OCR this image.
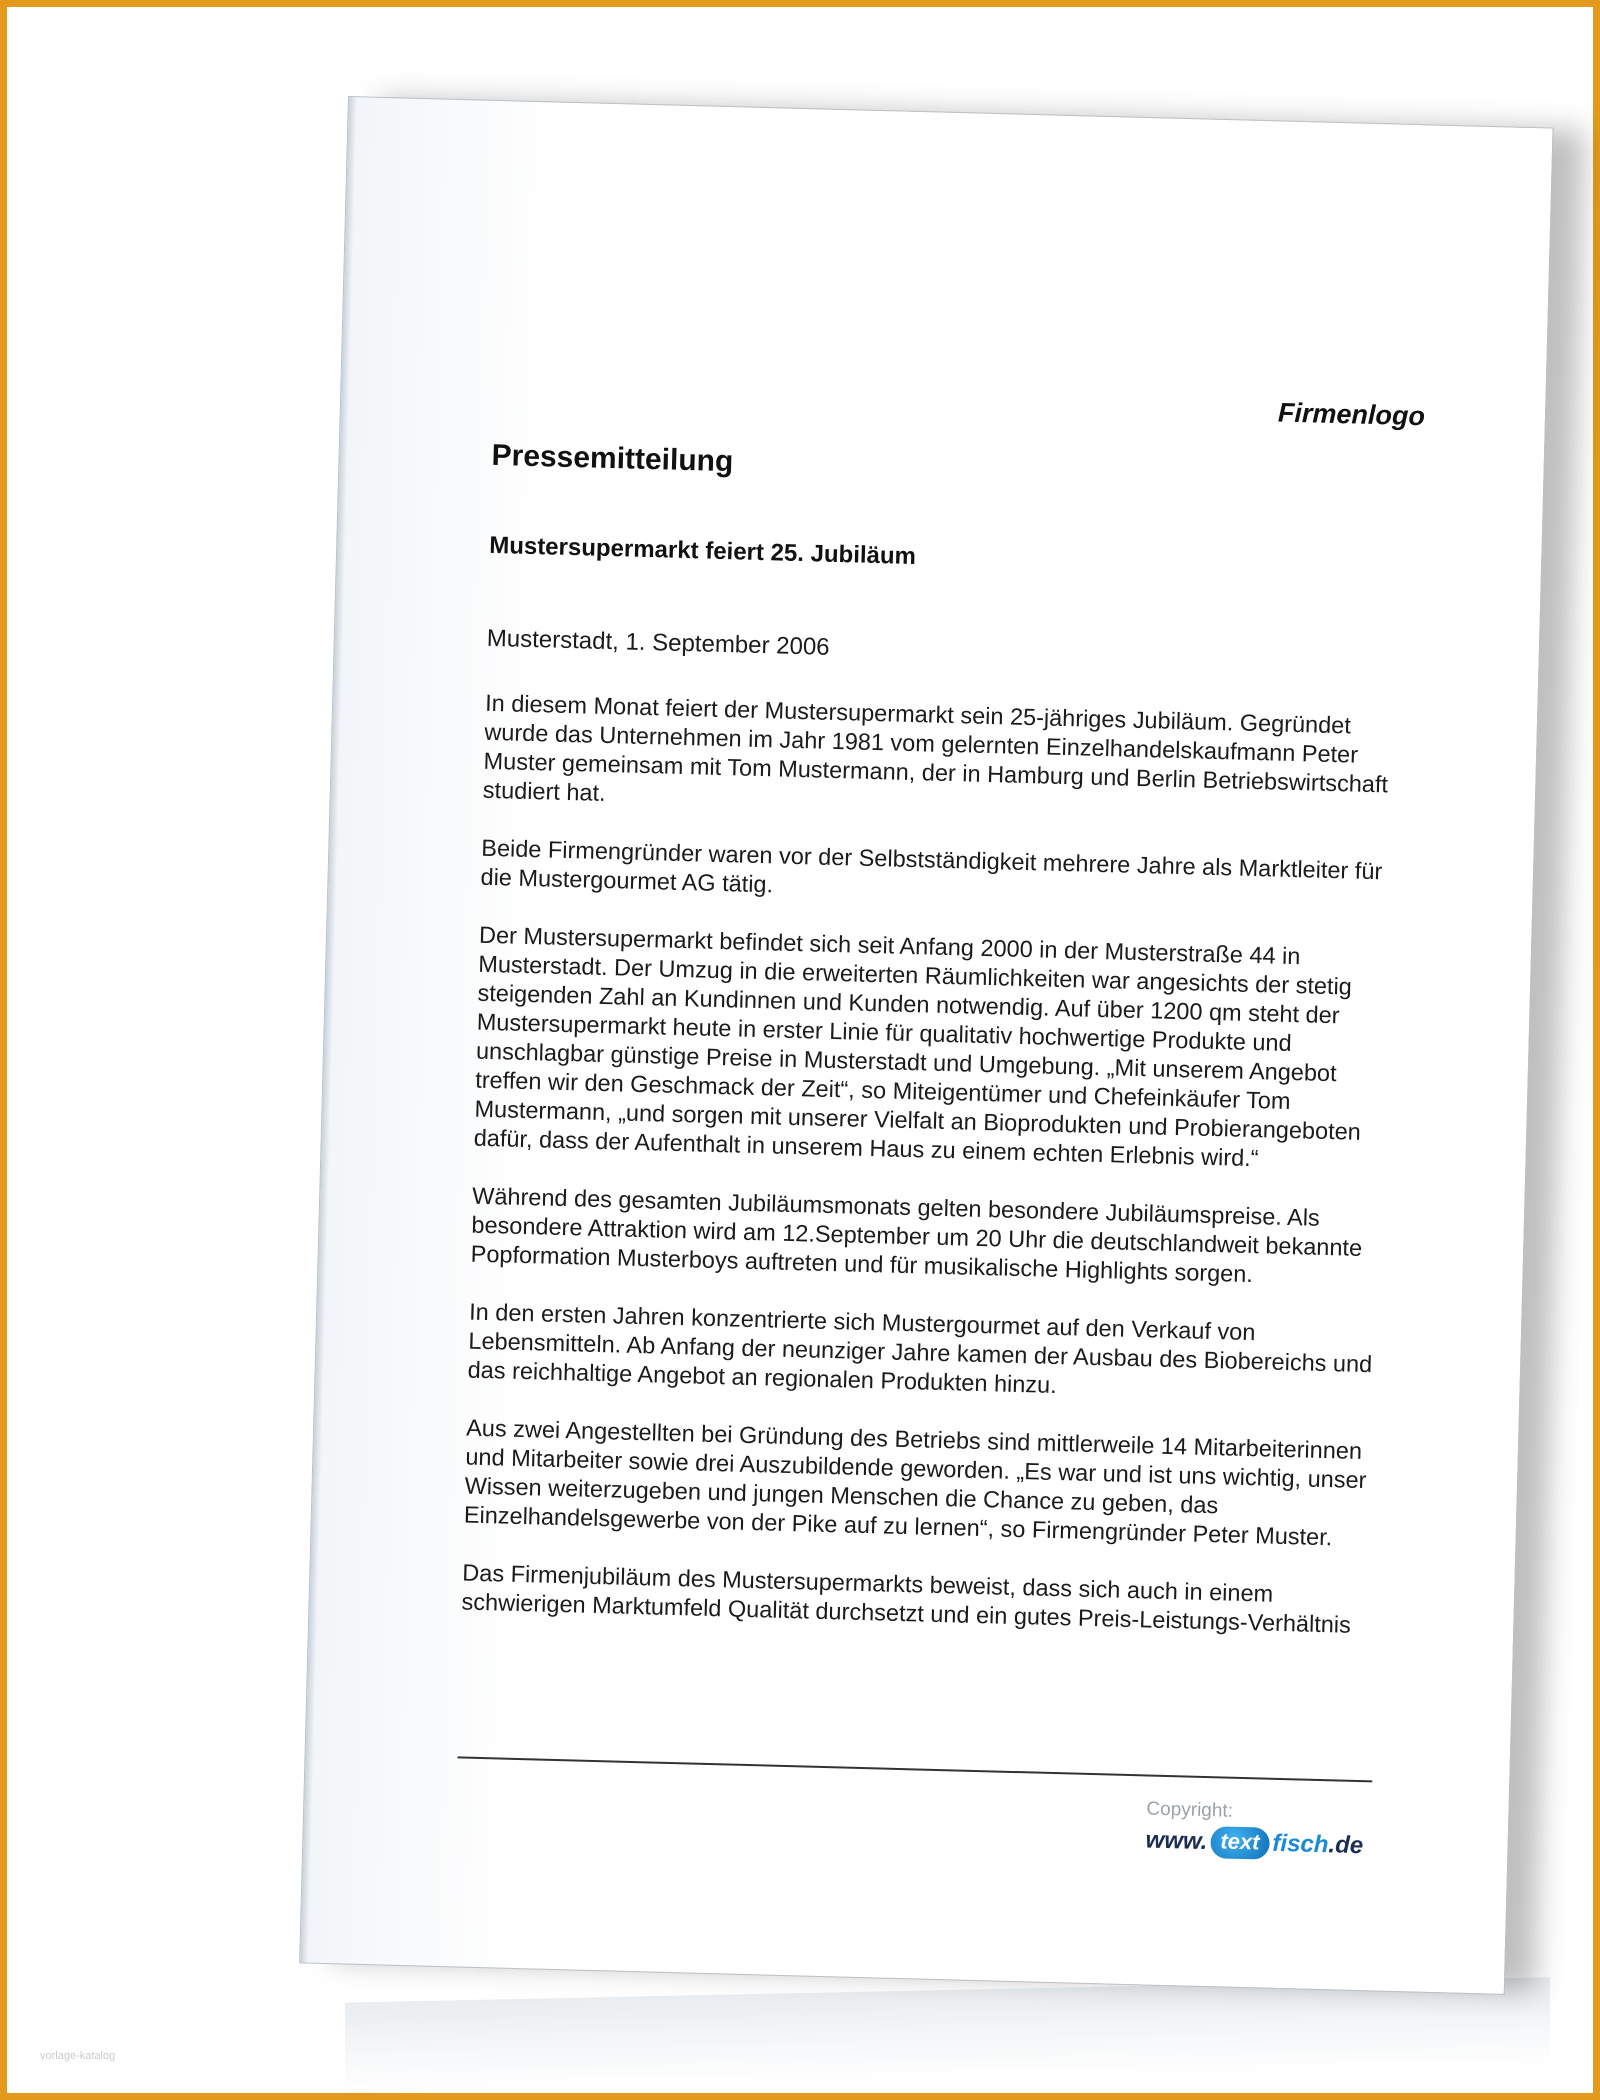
Firmenlogo

Pressemitteilung
Mustersupermarkt feiert 25. Jubiläum

Musterstadt, 1. September 2006

In diesem Monat feiert der Mustersupermarkt sein 25-jähriges Jubiläum. Gegründet wurde das Unternehmen im Jahr 1981 vom gelernten Einzelhandelskaufmann Peter Muster gemeinsam mit Tom Mustermann, der in Hamburg und Berlin Betriebswirtschaft studiert hat.

Beide Firmengründer waren vor der Selbstständigkeit mehrere Jahre als Marktleiter für die Mustergourmet AG tätig.

Der Mustersupermarkt befindet sich seit Anfang 2000 in der Musterstraße 44 in Musterstadt. Der Umzug in die erweiterten Räumlichkeiten war angesichts der stetig steigenden Zahl an Kundinnen und Kunden notwendig. Auf über 1200 qm steht der Mustersupermarkt heute in erster Linie für qualitativ hochwertige Produkte und unschlagbar günstige Preise in Musterstadt und Umgebung. „Mit unserem Angebot treffen wir den Geschmack der Zeit“, so Miteigentümer und Chefeinkäufer Tom Mustermann, „und sorgen mit unserer Vielfalt an Bioprodukten und Probierangeboten dafür, dass der Aufenthalt in unserem Haus zu einem echten Erlebnis wird.“

Während des gesamten Jubiläumsmonats gelten besondere Jubiläumspreise. Als besondere Attraktion wird am 12.September um 20 Uhr die deutschlandweit bekannte Popformation Musterboys auftreten und für musikalische Highlights sorgen.

In den ersten Jahren konzentrierte sich Mustergourmet auf den Verkauf von Lebensmitteln. Ab Anfang der neunziger Jahre kamen der Ausbau des Biobereichs und das reichhaltige Angebot an regionalen Produkten hinzu.

Aus zwei Angestellten bei Gründung des Betriebs sind mittlerweile 14 Mitarbeiterinnen und Mitarbeiter sowie drei Auszubildende geworden. „Es war und ist uns wichtig, unser Wissen weiterzugeben und jungen Menschen die Chance zu geben, das Einzelhandelsgewerbe von der Pike auf zu lernen“, so Firmengründer Peter Muster.

Das Firmenjubiläum des Mustersupermarkts beweist, dass sich auch in einem schwierigen Marktumfeld Qualität durchsetzt und ein gutes Preis-Leistungs-Verhältnis

Copyright:
www. text fisch .de
vorlage-katalog
